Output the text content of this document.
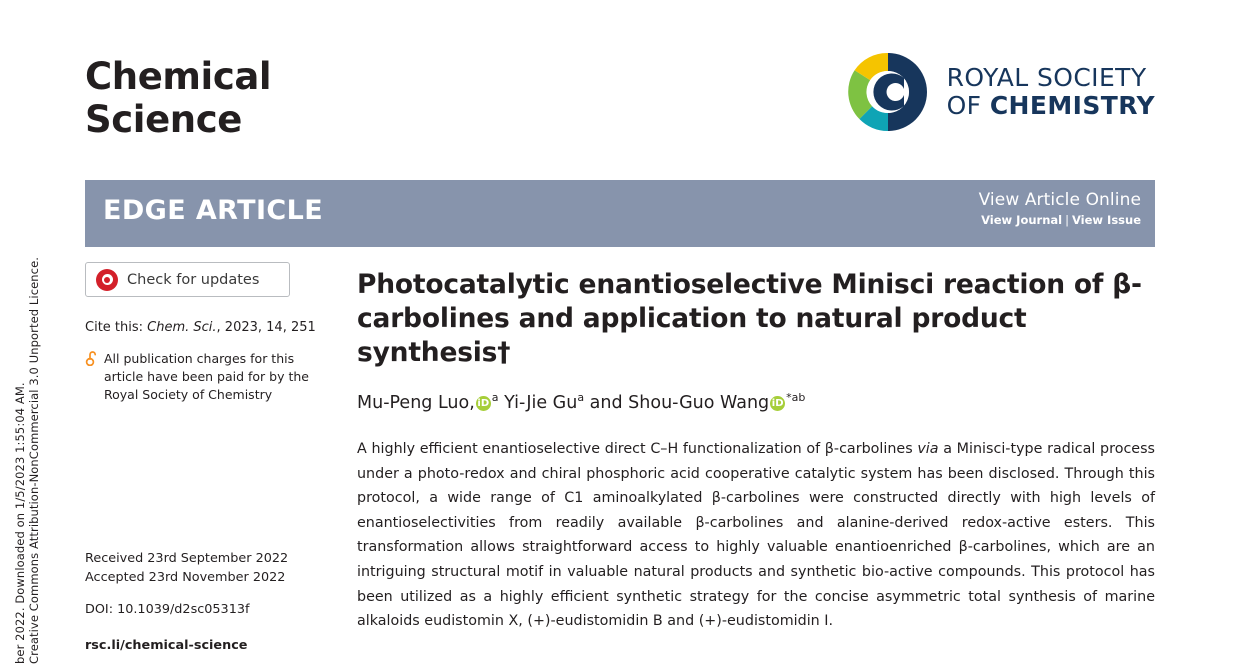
ber 2022. Downloaded on 1/5/2023 1:55:04 AM. Creative Commons Attribution-NonCommercial 3.0 Unported Licence.
Chemical
Science
ROYAL SOCIETY
OF CHEMISTRY
EDGE ARTICLE	View Article Online
View Journal | View Issue
Check for updates
Cite this: Chem. Sci., 2023, 14, 251
All publication charges for this article have been paid for by the Royal Society of Chemistry
Received 23rd September 2022
Accepted 23rd November 2022
DOI: 10.1039/d2sc05313f
rsc.li/chemical-science
Photocatalytic enantioselective Minisci reaction of β-carbolines and application to natural product synthesis†
Mu-Peng Luo, $iD^a$ Yi-Jie Gu$^a$ and Shou-Guo Wang $iD^{*ab}$
A highly efficient enantioselective direct C–H functionalization of β-carbolines via a Minisci-type radical process under a photo-redox and chiral phosphoric acid cooperative catalytic system has been disclosed. Through this protocol, a wide range of C1 aminoalkylated β-carbolines were constructed directly with high levels of enantioselectivities from readily available β-carbolines and alanine-derived redox-active esters. This transformation allows straightforward access to highly valuable enantioenriched β-carbolines, which are an intriguing structural motif in valuable natural products and synthetic bio-active compounds. This protocol has been utilized as a highly efficient synthetic strategy for the concise asymmetric total synthesis of marine alkaloids eudistomin X, (+)-eudistomidin B and (+)-eudistomidin I.
